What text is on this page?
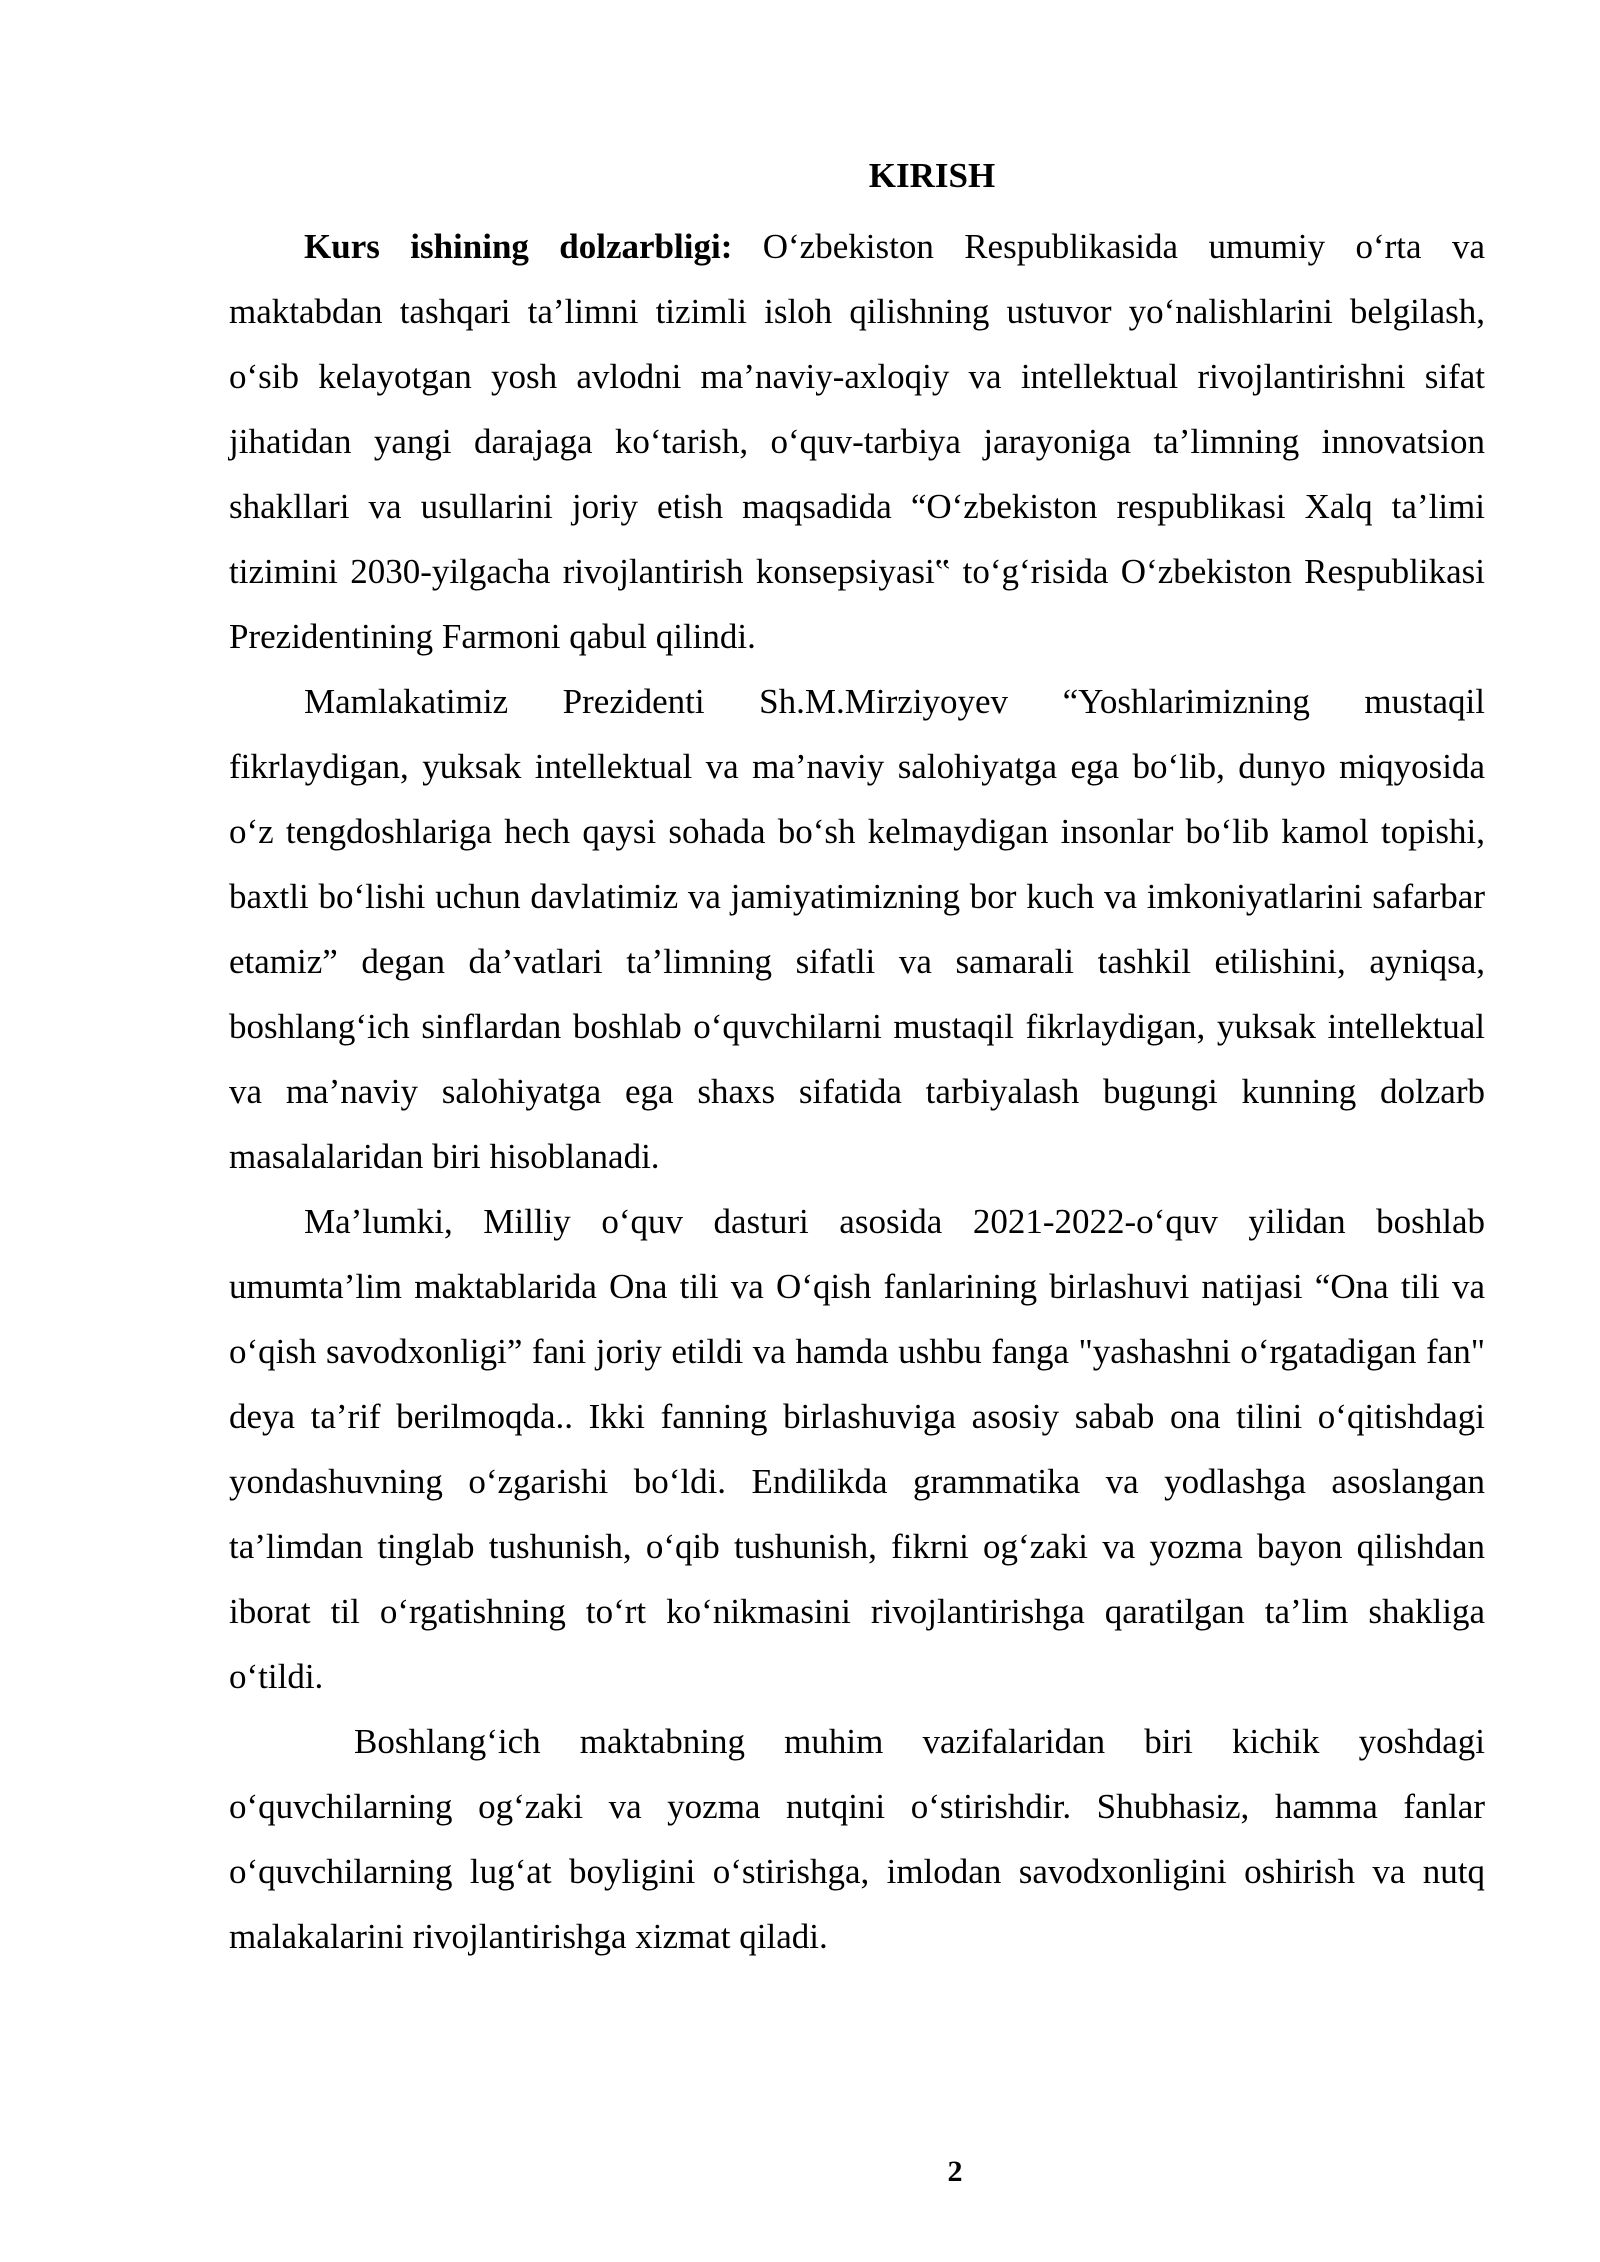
KIRISH

Kurs ishining dolzarbligi: O‘zbekiston Respublikasida umumiy o‘rta va maktabdan tashqari ta’limni tizimli isloh qilishning ustuvor yo‘nalishlarini belgilash, o‘sib kelayotgan yosh avlodni ma’naviy-axloqiy va intellektual rivojlantirishni sifat jihatidan yangi darajaga ko‘tarish, o‘quv-tarbiya jarayoniga ta’limning innovatsion shakllari va usullarini joriy etish maqsadida “O‘zbekiston respublikasi Xalq ta’limi tizimini 2030-yilgacha rivojlantirish konsepsiyasi‟ to‘g‘risida O‘zbekiston Respublikasi Prezidentining Farmoni qabul qilindi.

Mamlakatimiz Prezidenti Sh.M.Mirziyoyev “Yoshlarimizning mustaqil fikrlaydigan, yuksak intellektual va ma’naviy salohiyatga ega bo‘lib, dunyo miqyosida o‘z tengdoshlariga hech qaysi sohada bo‘sh kelmaydigan insonlar bo‘lib kamol topishi, baxtli bo‘lishi uchun davlatimiz va jamiyatimizning bor kuch va imkoniyatlarini safarbar etamiz” degan da’vatlari ta’limning sifatli va samarali tashkil etilishini, ayniqsa, boshlang‘ich sinflardan boshlab o‘quvchilarni mustaqil fikrlaydigan, yuksak intellektual va ma’naviy salohiyatga ega shaxs sifatida tarbiyalash bugungi kunning dolzarb masalalaridan biri hisoblanadi.

Ma’lumki, Milliy o‘quv dasturi asosida 2021-2022-o‘quv yilidan boshlab umumta’lim maktablarida Ona tili va O‘qish fanlarining birlashuvi natijasi “Ona tili va o‘qish savodxonligi” fani joriy etildi va hamda ushbu fanga "yashashni o‘rgatadigan fan" deya ta’rif berilmoqda.. Ikki fanning birlashuviga asosiy sabab ona tilini o‘qitishdagi yondashuvning o‘zgarishi bo‘ldi. Endilikda grammatika va yodlashga asoslangan ta’limdan tinglab tushunish, o‘qib tushunish, fikrni og‘zaki va yozma bayon qilishdan iborat til o‘rgatishning to‘rt ko‘nikmasini rivojlantirishga qaratilgan ta’lim shakliga o‘tildi.

Boshlang‘ich maktabning muhim vazifalaridan biri kichik yoshdagi o‘quvchilarning og‘zaki va yozma nutqini o‘stirishdir. Shubhasiz, hamma fanlar o‘quvchilarning lug‘at boyligini o‘stirishga, imlodan savodxonligini oshirish va nutq malakalarini rivojlantirishga xizmat qiladi.

2
